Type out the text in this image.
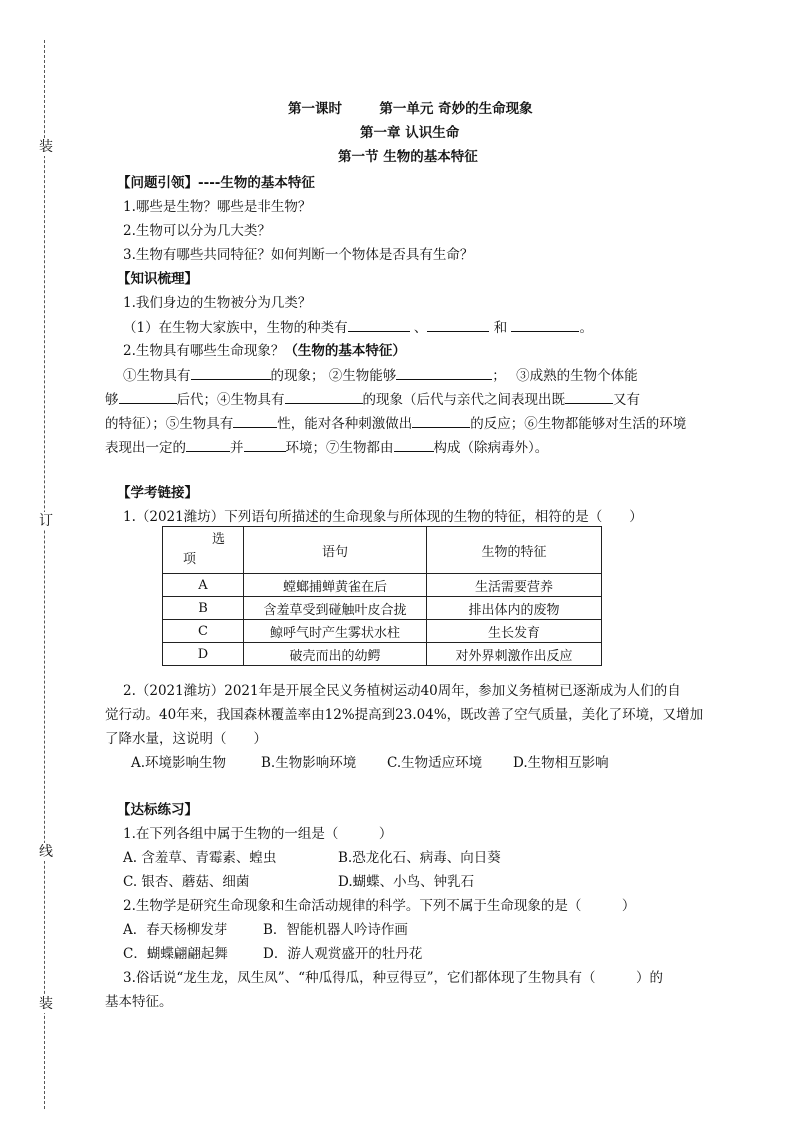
装
订
线
装
第一课时	第一单元 奇妙的生命现象
第一章 认识生命
第一节 生物的基本特征
【问题引领】----生物的基本特征
1.哪些是生物？哪些是非生物？
2.生物可以分为几大类？
3.生物有哪些共同特征？如何判断一个物体是否具有生命？
【知识梳理】
1.我们身边的生物被分为几类？
（1）在生物大家族中，生物的种类有	、	和	。
2.生物具有哪些生命现象？（生物的基本特征）
①生物具有	的现象； ②生物能够	； ③成熟的生物个体能
够	后代；④生物具有	的现象（后代与亲代之间表现出既	又有
的特征）；⑤生物具有	性，能对各种刺激做出	的反应；⑥生物都能够对生活的环境
表现出一定的	并	环境；⑦生物都由	构成（除病毒外）。
【学考链接】
1.（2021潍坊）下列语句所描述的生命现象与所体现的生物的特征，相符的是（　　）
选
项	语句	生物的特征
A	螳螂捕蝉黄雀在后	生活需要营养
B	含羞草受到碰触叶皮合拢	排出体内的废物
C	鲸呼气时产生雾状水柱	生长发育
D	破壳而出的幼鳄	对外界刺激作出反应
2.（2021潍坊）2021年是开展全民义务植树运动40周年，参加义务植树已逐渐成为人们的自
觉行动。40年来，我国森林覆盖率由12%提高到23.04%，既改善了空气质量，美化了环境，又增加
了降水量，这说明（　　）
A.环境影响生物	B.生物影响环境 C.生物适应环境 D.生物相互影响
【达标练习】
1.在下列各组中属于生物的一组是（　　　）
A. 含羞草、青霉素、蝗虫	B.恐龙化石、病毒、向日葵
C. 银杏、蘑菇、细菌	D.蝴蝶、小鸟、钟乳石
2.生物学是研究生命现象和生命活动规律的科学。下列不属于生命现象的是（　　　）
A．春天杨柳发芽	B．智能机器人吟诗作画
C．蝴蝶翩翩起舞	D．游人观赏盛开的牡丹花
3.俗话说“龙生龙，凤生凤”、“种瓜得瓜，种豆得豆”，它们都体现了生物具有（　　　）的
基本特征。
